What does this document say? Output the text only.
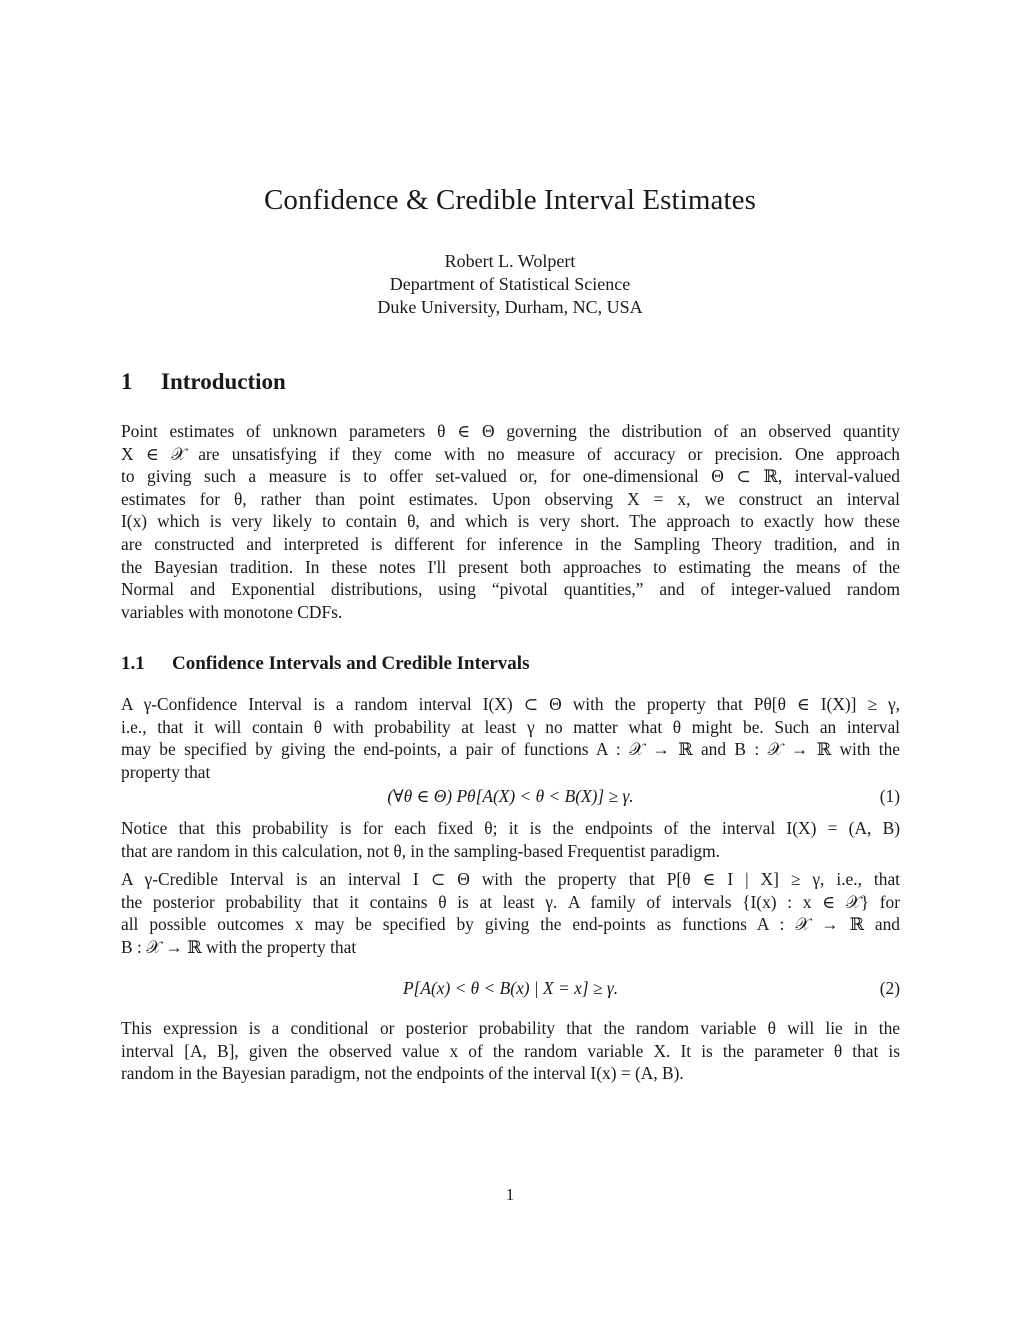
Confidence & Credible Interval Estimates
Robert L. Wolpert
Department of Statistical Science
Duke University, Durham, NC, USA
1 Introduction
Point estimates of unknown parameters θ ∈ Θ governing the distribution of an observed quantity
X ∈ 𝒳 are unsatisfying if they come with no measure of accuracy or precision. One approach
to giving such a measure is to offer set-valued or, for one-dimensional Θ ⊂ ℝ, interval-valued
estimates for θ, rather than point estimates. Upon observing X = x, we construct an interval
I(x) which is very likely to contain θ, and which is very short. The approach to exactly how these
are constructed and interpreted is different for inference in the Sampling Theory tradition, and in
the Bayesian tradition. In these notes I'll present both approaches to estimating the means of the
Normal and Exponential distributions, using “pivotal quantities,” and of integer-valued random
variables with monotone CDFs.
1.1 Confidence Intervals and Credible Intervals
A γ-Confidence Interval is a random interval I(X) ⊂ Θ with the property that Pθ[θ ∈ I(X)] ≥ γ,
i.e., that it will contain θ with probability at least γ no matter what θ might be. Such an interval
may be specified by giving the end-points, a pair of functions A : 𝒳 → ℝ and B : 𝒳 → ℝ with the
property that
(∀θ ∈ Θ) Pθ[A(X) < θ < B(X)] ≥ γ.	(1)
Notice that this probability is for each fixed θ; it is the endpoints of the interval I(X) = (A, B)
that are random in this calculation, not θ, in the sampling-based Frequentist paradigm.
A γ-Credible Interval is an interval I ⊂ Θ with the property that P[θ ∈ I | X] ≥ γ, i.e., that
the posterior probability that it contains θ is at least γ. A family of intervals {I(x) : x ∈ 𝒳} for
all possible outcomes x may be specified by giving the end-points as functions A : 𝒳 → ℝ and
B : 𝒳 → ℝ with the property that
P[A(x) < θ < B(x) | X = x] ≥ γ.	(2)
This expression is a conditional or posterior probability that the random variable θ will lie in the
interval [A, B], given the observed value x of the random variable X. It is the parameter θ that is
random in the Bayesian paradigm, not the endpoints of the interval I(x) = (A, B).
1
